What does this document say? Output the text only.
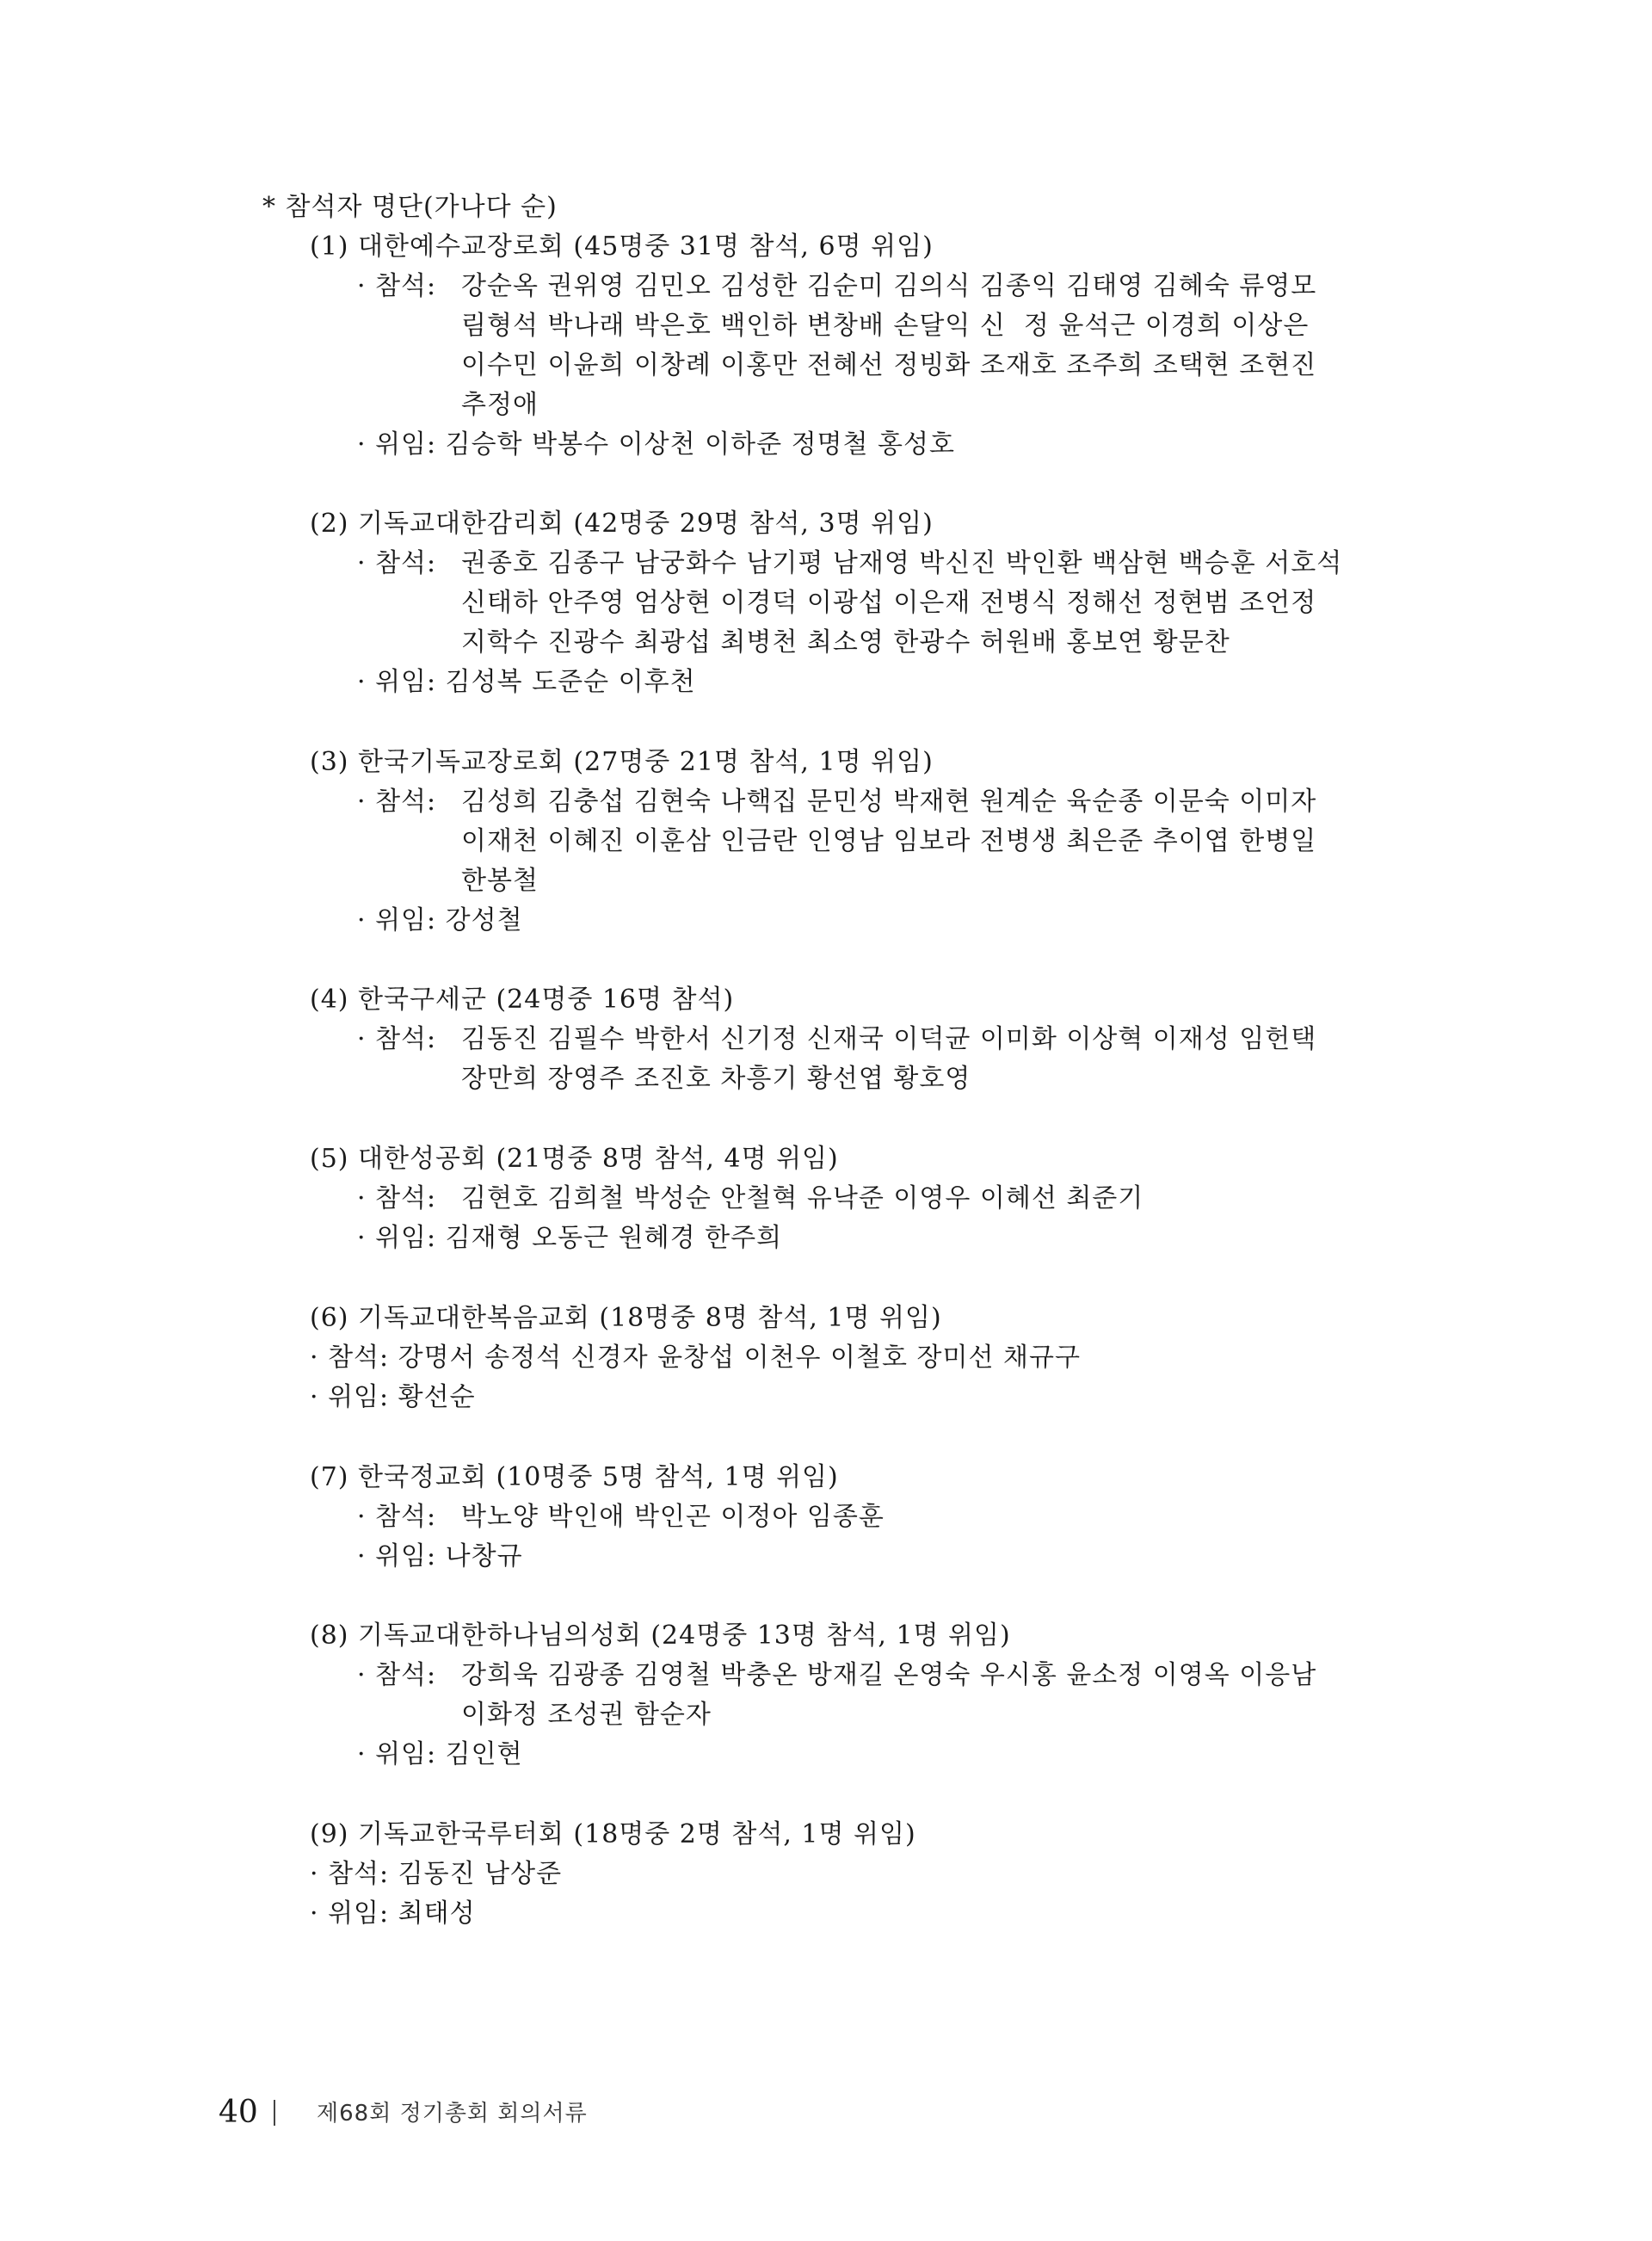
* 참석자 명단(가나다 순)
(1) 대한예수교장로회 (45명중 31명 참석, 6명 위임)
· 참석: 강순옥 권위영 김민오 김성한 김순미 김의식 김종익 김태영 김혜숙 류영모
림형석 박나래 박은호 백인하 변창배 손달익 신  정 윤석근 이경희 이상은
이수민 이윤희 이창례 이홍만 전혜선 정빙화 조재호 조주희 조택현 조현진
추정애
· 위임: 김승학 박봉수 이상천 이하준 정명철 홍성호
(2) 기독교대한감리회 (42명중 29명 참석, 3명 위임)
· 참석: 권종호 김종구 남궁화수 남기평 남재영 박신진 박인환 백삼현 백승훈 서호석
신태하 안주영 엄상현 이경덕 이광섭 이은재 전병식 정해선 정현범 조언정
지학수 진광수 최광섭 최병천 최소영 한광수 허원배 홍보연 황문찬
· 위임: 김성복 도준순 이후천
(3) 한국기독교장로회 (27명중 21명 참석, 1명 위임)
· 참석: 김성희 김충섭 김현숙 나핵집 문민성 박재현 원계순 육순종 이문숙 이미자
이재천 이혜진 이훈삼 인금란 인영남 임보라 전병생 최은준 추이엽 한병일
한봉철
· 위임: 강성철
(4) 한국구세군 (24명중 16명 참석)
· 참석: 김동진 김필수 박한서 신기정 신재국 이덕균 이미화 이상혁 이재성 임헌택
장만희 장영주 조진호 차흥기 황선엽 황호영
(5) 대한성공회 (21명중 8명 참석, 4명 위임)
· 참석: 김현호 김희철 박성순 안철혁 유낙준 이영우 이혜선 최준기
· 위임: 김재형 오동근 원혜경 한주희
(6) 기독교대한복음교회 (18명중 8명 참석, 1명 위임)
· 참석: 강명서 송정석 신경자 윤창섭 이천우 이철호 장미선 채규구
· 위임: 황선순
(7) 한국정교회 (10명중 5명 참석, 1명 위임)
· 참석: 박노양 박인애 박인곤 이정아 임종훈
· 위임: 나창규
(8) 기독교대한하나님의성회 (24명중 13명 참석, 1명 위임)
· 참석: 강희욱 김광종 김영철 박충온 방재길 온영숙 우시홍 윤소정 이영옥 이응남
이화정 조성권 함순자
· 위임: 김인현
(9) 기독교한국루터회 (18명중 2명 참석, 1명 위임)
· 참석: 김동진 남상준
· 위임: 최태성
40	제68회 정기총회 회의서류
